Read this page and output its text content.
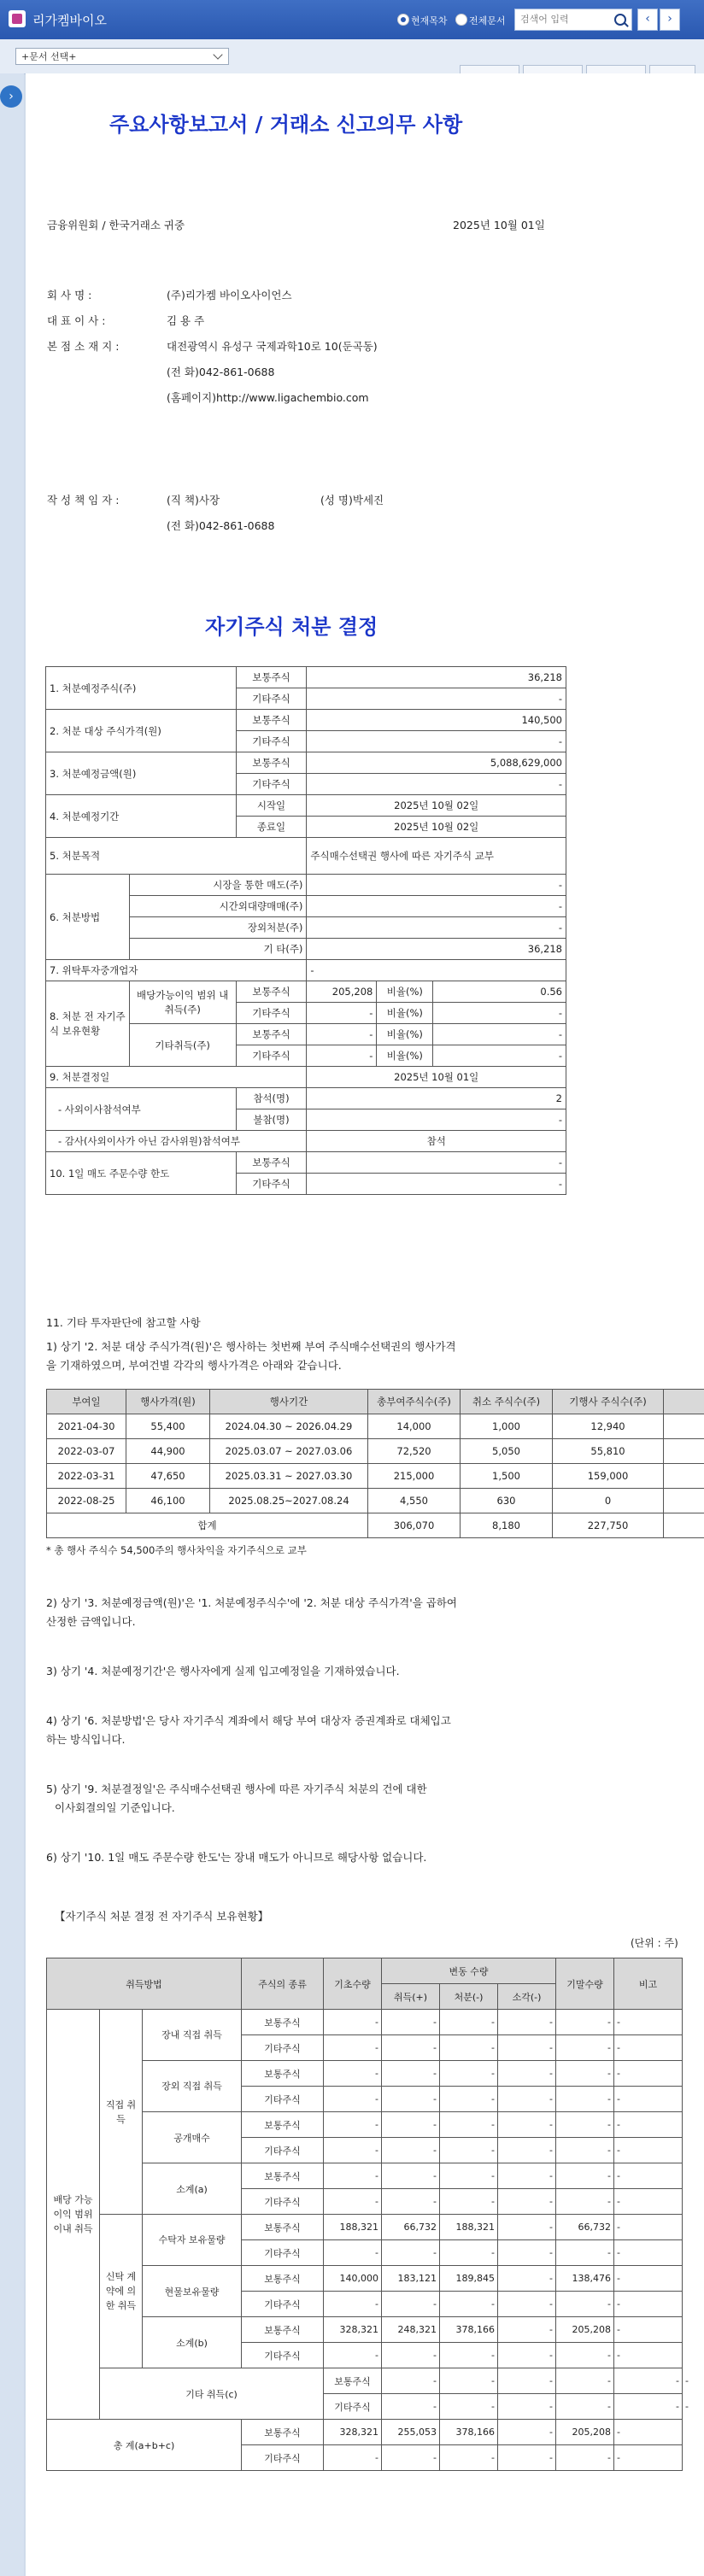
리가켐바이오	현재목차 전체문서
검색어 입력	‹	›
+문서 선택+
›
주요사항보고서 / 거래소 신고의무 사항
금융위원회 / 한국거래소 귀중	2025년 10월 01일
회 사 명 :	(주)리가켐 바이오사이언스
대 표 이 사 :	김 용 주
본 점 소 재 지 :	대전광역시 유성구 국제과학10로 10(둔곡동)
(전 화)042-861-0688
(홈페이지)http://www.ligachembio.com
작 성 책 임 자 :	(직 책)사장	(성 명)박세진
(전 화)042-861-0688
자기주식 처분 결정
1. 처분예정주식(주)		보통주식	36,218		
		기타주식	-		
2. 처분 대상 주식가격(원)		보통주식	140,500		
		기타주식	-		
3. 처분예정금액(원)		보통주식	5,088,629,000		
		기타주식	-		
4. 처분예정기간		시작일	2025년 10월 02일		
		종료일	2025년 10월 02일		
5. 처분목적			주식매수선택권 행사에 따른 자기주식 교부		
6. 처분방법	시장을 통한 매도(주)		-		
	시간외대량매매(주)		-		
	장외처분(주)		-		
	기 타(주)		36,218		
7. 위탁투자중개업자			-		
8. 처분 전 자기주식 보유현황	배당가능이익 범위 내 취득(주)	보통주식	205,208	비율(%)	0.56
		기타주식	-	비율(%)	-
	기타취득(주)	보통주식	-	비율(%)	-
		기타주식	-	비율(%)	-
9. 처분결정일			2025년 10월 01일		
- 사외이사참석여부		참석(명)	2		
		불참(명)	-		
- 감사(사외이사가 아닌 감사위원)참석여부			참석		
10. 1일 매도 주문수량 한도		보통주식	-		
		기타주식	-		
11. 기타 투자판단에 참고할 사항
1) 상기 '2. 처분 대상 주식가격(원)'은 행사하는 첫번째 부여 주식매수선택권의 행사가격
을 기재하였으며, 부여건별 각각의 행사가격은 아래와 같습니다.
부여일	행사가격(원)	행사기간	총부여주식수(주)	취소 주식수(주)	기행사 주식수(주)	
2021-04-30	55,400	2024.04.30 ~ 2026.04.29	14,000	1,000	12,940	
2022-03-07	44,900	2025.03.07 ~ 2027.03.06	72,520	5,050	55,810	
2022-03-31	47,650	2025.03.31 ~ 2027.03.30	215,000	1,500	159,000	
2022-08-25	46,100	2025.08.25~2027.08.24	4,550	630	0	
합계			306,070	8,180	227,750	
* 총 행사 주식수 54,500주의 행사차익을 자기주식으로 교부
2) 상기 '3. 처분예정금액(원)'은 '1. 처분예정주식수'에 '2. 처분 대상 주식가격'을 곱하여
산정한 금액입니다.
3) 상기 '4. 처분예정기간'은 행사자에게 실제 입고예정일을 기재하였습니다.
4) 상기 '6. 처분방법'은 당사 자기주식 계좌에서 해당 부여 대상자 증권계좌로 대체입고
하는 방식입니다.
5) 상기 '9. 처분결정일'은 주식매수선택권 행사에 따른 자기주식 처분의 건에 대한
이사회결의일 기준입니다.
6) 상기 '10. 1일 매도 주문수량 한도'는 장내 매도가 아니므로 해당사항 없습니다.
【자기주식 처분 결정 전 자기주식 보유현황】
(단위 : 주)
취득방법			주식의 종류	기초수량	변동 수량			기말수량	비고	
					취득(+)	처분(-)	소각(-)			
배당 가능 이익 범위 이내 취득	직접 취득	장내 직접 취득	보통주식	-	-	-	-	-	-	
			기타주식	-	-	-	-	-	-	
		장외 직접 취득	보통주식	-	-	-	-	-	-	
			기타주식	-	-	-	-	-	-	
		공개매수	보통주식	-	-	-	-	-	-	
			기타주식	-	-	-	-	-	-	
		소계(a)	보통주식	-	-	-	-	-	-	
			기타주식	-	-	-	-	-	-	
	신탁 계약에 의한 취득	수탁자 보유물량	보통주식	188,321	66,732	188,321	-	66,732	-	
			기타주식	-	-	-	-	-	-	
		현물보유물량	보통주식	140,000	183,121	189,845	-	138,476	-	
			기타주식	-	-	-	-	-	-	
		소계(b)	보통주식	328,321	248,321	378,166	-	205,208	-	
			기타주식	-	-	-	-	-	-	
	기타 취득(c)			보통주식	-	-	-	-	-	-
				기타주식	-	-	-	-	-	-
총 계(a+b+c)			보통주식	328,321	255,053	378,166	-	205,208	-	
			기타주식	-	-	-	-	-	-	
